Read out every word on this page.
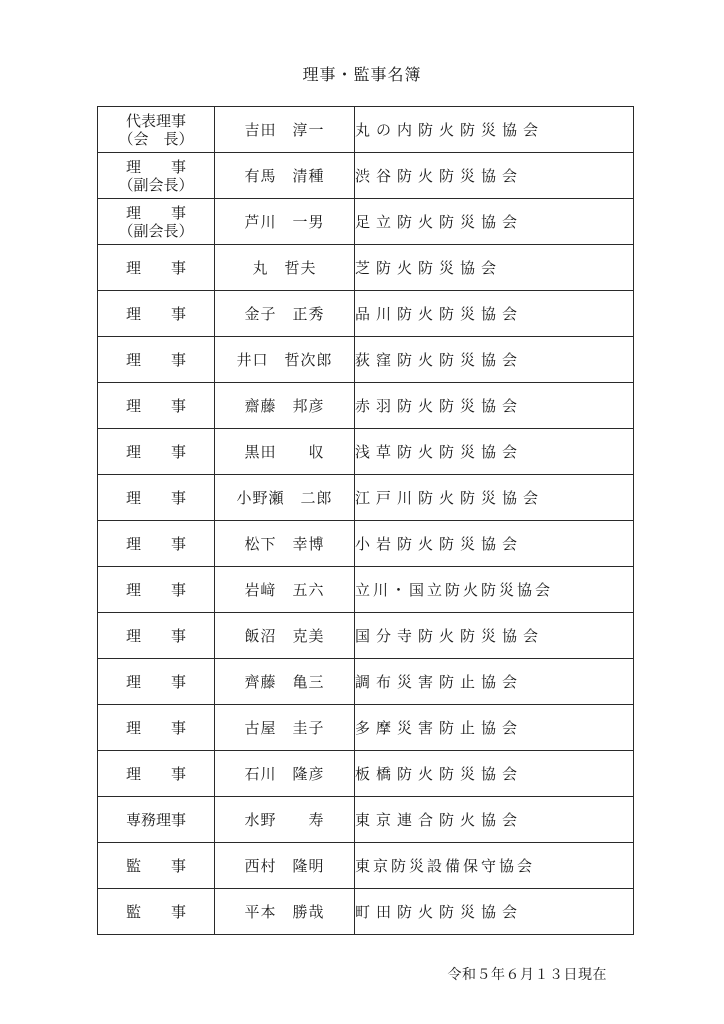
理事・監事名簿
代表理事
（会　長）	吉田　淳一	丸の内防火防災協会

理　　事
（副会長）	有馬　清種	渋谷防火防災協会

理　　事
（副会長）	芦川　一男	足立防火防災協会

理　　事	丸　哲夫	芝防火防災協会

理　　事	金子　正秀	品川防火防災協会

理　　事	井口　哲次郎	荻窪防火防災協会

理　　事	齋藤　邦彦	赤羽防火防災協会

理　　事	黒田　　収	浅草防火防災協会

理　　事	小野瀬　二郎	江戸川防火防災協会

理　　事	松下　幸博	小岩防火防災協会

理　　事	岩﨑　五六	立川・国立防火防災協会

理　　事	飯沼　克美	国分寺防火防災協会

理　　事	齊藤　亀三	調布災害防止協会

理　　事	古屋　圭子	多摩災害防止協会

理　　事	石川　隆彦	板橋防火防災協会

専務理事	水野　　寿	東京連合防火協会

監　　事	西村　隆明	東京防災設備保守協会

監　　事	平本　勝哉	町田防火防災協会
令和５年６月１３日現在
